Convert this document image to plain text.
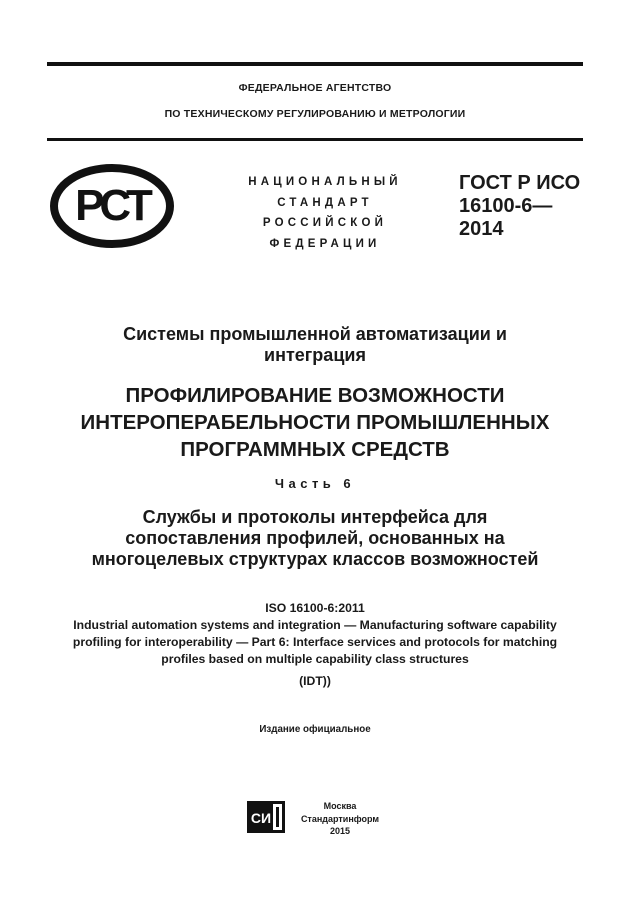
ФЕДЕРАЛЬНОЕ АГЕНТСТВО
ПО ТЕХНИЧЕСКОМУ РЕГУЛИРОВАНИЮ И МЕТРОЛОГИИ
РСТ	НАЦИОНАЛЬНЫЙ
СТАНДАРТ
РОССИЙСКОЙ
ФЕДЕРАЦИИ
ГОСТ Р ИСО
16100-6—
2014
Системы промышленной автоматизации и
интеграция
ПРОФИЛИРОВАНИЕ ВОЗМОЖНОСТИ
ИНТЕРОПЕРАБЕЛЬНОСТИ ПРОМЫШЛЕННЫХ
ПРОГРАММНЫХ СРЕДСТВ
Часть 6
Службы и протоколы интерфейса для
сопоставления профилей, основанных на
многоцелевых структурах классов возможностей
ISO 16100-6:2011
Industrial automation systems and integration — Manufacturing software capability
profiling for interoperability — Part 6: Interface services and protocols for matching
profiles based on multiple capability class structures
(IDT))
Издание официальное
СИ
Москва
Стандартинформ
2015
